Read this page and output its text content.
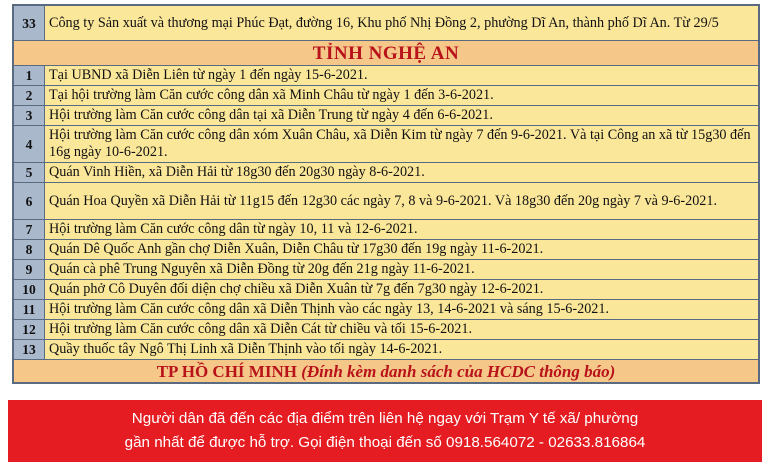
33	Công ty Sản xuất và thương mại Phúc Đạt, đường 16, Khu phố Nhị Đồng 2, phường Dĩ An, thành phố Dĩ An. Từ 29/5
TỈNH NGHỆ AN	
1	Tại UBND xã Diễn Liên từ ngày 1 đến ngày 15-6-2021.
2	Tại hội trường làm Căn cước công dân xã Minh Châu từ ngày 1 đến 3-6-2021.
3	Hội trường làm Căn cước công dân tại xã Diễn Trung từ ngày 4 đến 6-6-2021.
4	Hội trường làm Căn cước công dân xóm Xuân Châu, xã Diễn Kim từ ngày 7 đến 9-6-2021. Và tại Công an xã từ 15g30 đến 16g ngày 10-6-2021.
5	Quán Vinh Hiền, xã Diễn Hải từ 18g30 đến 20g30 ngày 8-6-2021.
6	Quán Hoa Quyền xã Diễn Hải từ 11g15 đến 12g30 các ngày 7, 8 và 9-6-2021. Và 18g30 đến 20g ngày 7 và 9-6-2021.
7	Hội trường làm Căn cước công dân từ ngày 10, 11 và 12-6-2021.
8	Quán Dê Quốc Anh gần chợ Diễn Xuân, Diễn Châu từ 17g30 đến 19g ngày 11-6-2021.
9	Quán cà phê Trung Nguyên xã Diễn Đồng từ 20g đến 21g ngày 11-6-2021.
10	Quán phở Cô Duyên đối diện chợ chiều xã Diễn Xuân từ 7g đến 7g30 ngày 12-6-2021.
11	Hội trường làm Căn cước công dân xã Diễn Thịnh vào các ngày 13, 14-6-2021 và sáng 15-6-2021.
12	Hội trường làm Căn cước công dân xã Diễn Cát từ chiều và tối 15-6-2021.
13	Quầy thuốc tây Ngô Thị Linh xã Diễn Thịnh vào tối ngày 14-6-2021.
TP HỒ CHÍ MINH (Đính kèm danh sách của HCDC thông báo)	
Người dân đã đến các địa điểm trên liên hệ ngay với Trạm Y tế xã/ phường
gần nhất để được hỗ trợ. Gọi điện thoại đến số 0918.564072 - 02633.816864
